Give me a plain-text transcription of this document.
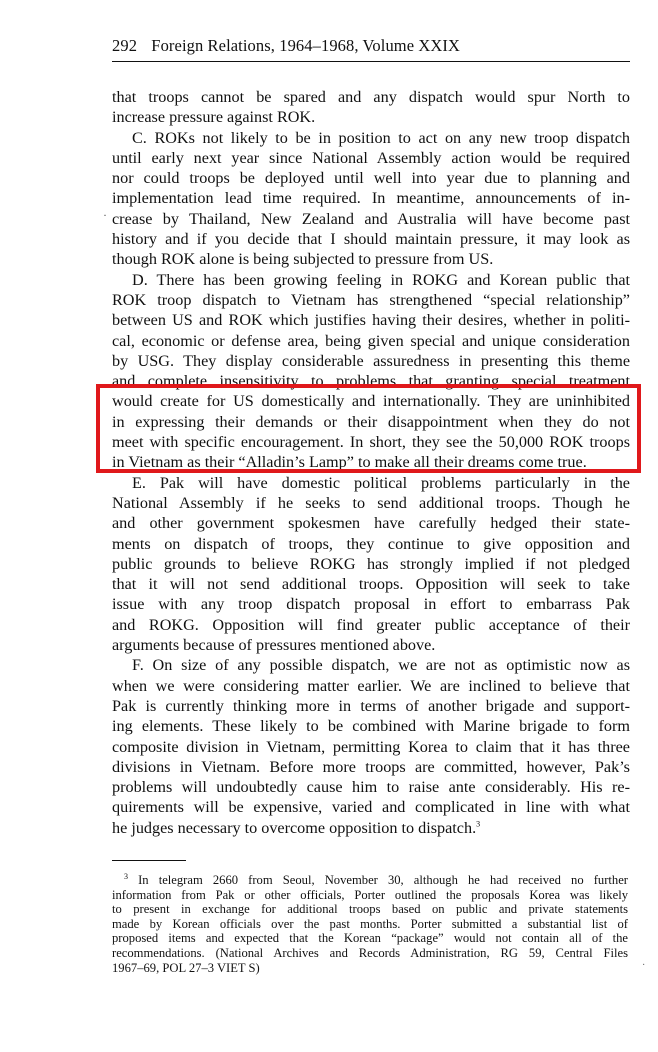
292 Foreign Relations, 1964–1968, Volume XXIX
·
that troops cannot be spared and any dispatch would spur North to
increase pressure against ROK.
C. ROKs not likely to be in position to act on any new troop dispatch
until early next year since National Assembly action would be required
nor could troops be deployed until well into year due to planning and
implementation lead time required. In meantime, announcements of in-
crease by Thailand, New Zealand and Australia will have become past
history and if you decide that I should maintain pressure, it may look as
though ROK alone is being subjected to pressure from US.
D. There has been growing feeling in ROKG and Korean public that
ROK troop dispatch to Vietnam has strengthened “special relationship”
between US and ROK which justifies having their desires, whether in politi-
cal, economic or defense area, being given special and unique consideration
by USG. They display considerable assuredness in presenting this theme
and complete insensitivity to problems that granting special treatment
would create for US domestically and internationally. They are uninhibited
in expressing their demands or their disappointment when they do not
meet with specific encouragement. In short, they see the 50,000 ROK troops
in Vietnam as their “Alladin’s Lamp” to make all their dreams come true.
E. Pak will have domestic political problems particularly in the
National Assembly if he seeks to send additional troops. Though he
and other government spokesmen have carefully hedged their state-
ments on dispatch of troops, they continue to give opposition and
public grounds to believe ROKG has strongly implied if not pledged
that it will not send additional troops. Opposition will seek to take
issue with any troop dispatch proposal in effort to embarrass Pak
and ROKG. Opposition will find greater public acceptance of their
arguments because of pressures mentioned above.
F. On size of any possible dispatch, we are not as optimistic now as
when we were considering matter earlier. We are inclined to believe that
Pak is currently thinking more in terms of another brigade and support-
ing elements. These likely to be combined with Marine brigade to form
composite division in Vietnam, permitting Korea to claim that it has three
divisions in Vietnam. Before more troops are committed, however, Pak’s
problems will undoubtedly cause him to raise ante considerably. His re-
quirements will be expensive, varied and complicated in line with what
he judges necessary to overcome opposition to dispatch.$^3$
$^3$ In telegram 2660 from Seoul, November 30, although he had received no further
information from Pak or other officials, Porter outlined the proposals Korea was likely
to present in exchange for additional troops based on public and private statements
made by Korean officials over the past months. Porter submitted a substantial list of
proposed items and expected that the Korean “package” would not contain all of the
recommendations. (National Archives and Records Administration, RG 59, Central Files
1967–69, POL 27–3 VIET S)	·
